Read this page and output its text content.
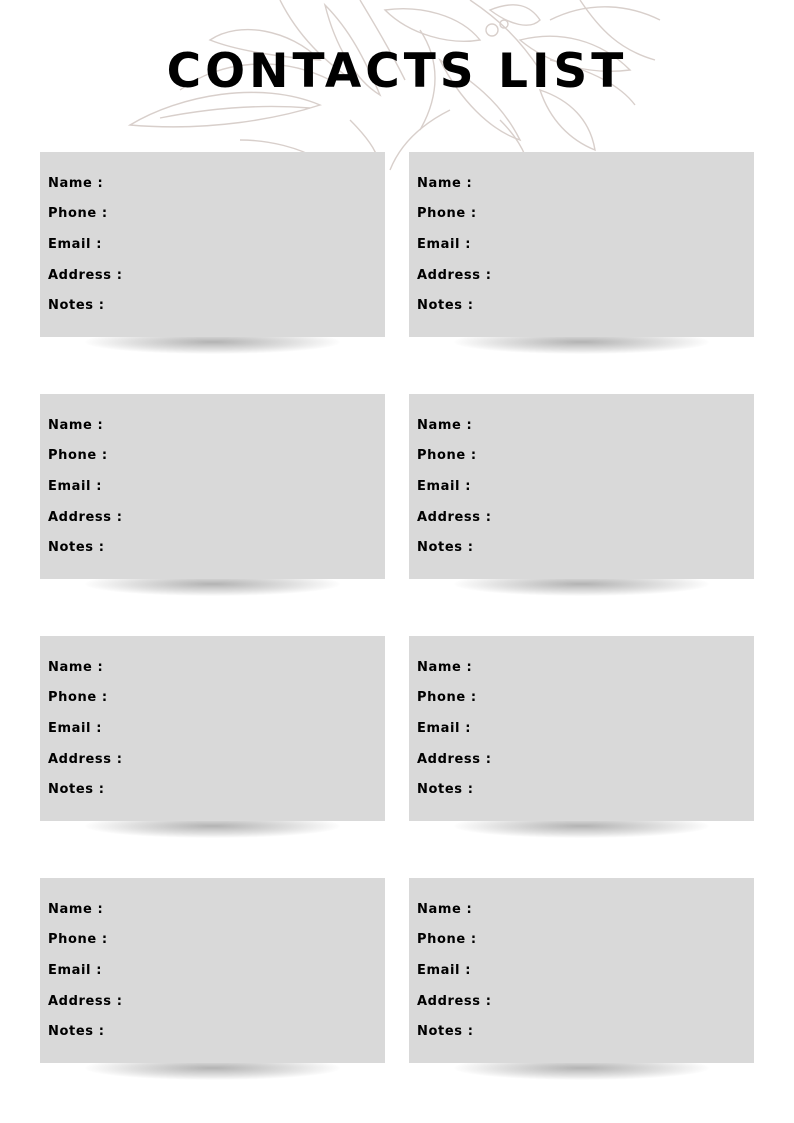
CONTACTS LIST
Name :
Phone :
Email :
Address :
Notes :
Name :
Phone :
Email :
Address :
Notes :
Name :
Phone :
Email :
Address :
Notes :
Name :
Phone :
Email :
Address :
Notes :
Name :
Phone :
Email :
Address :
Notes :
Name :
Phone :
Email :
Address :
Notes :
Name :
Phone :
Email :
Address :
Notes :
Name :
Phone :
Email :
Address :
Notes :
